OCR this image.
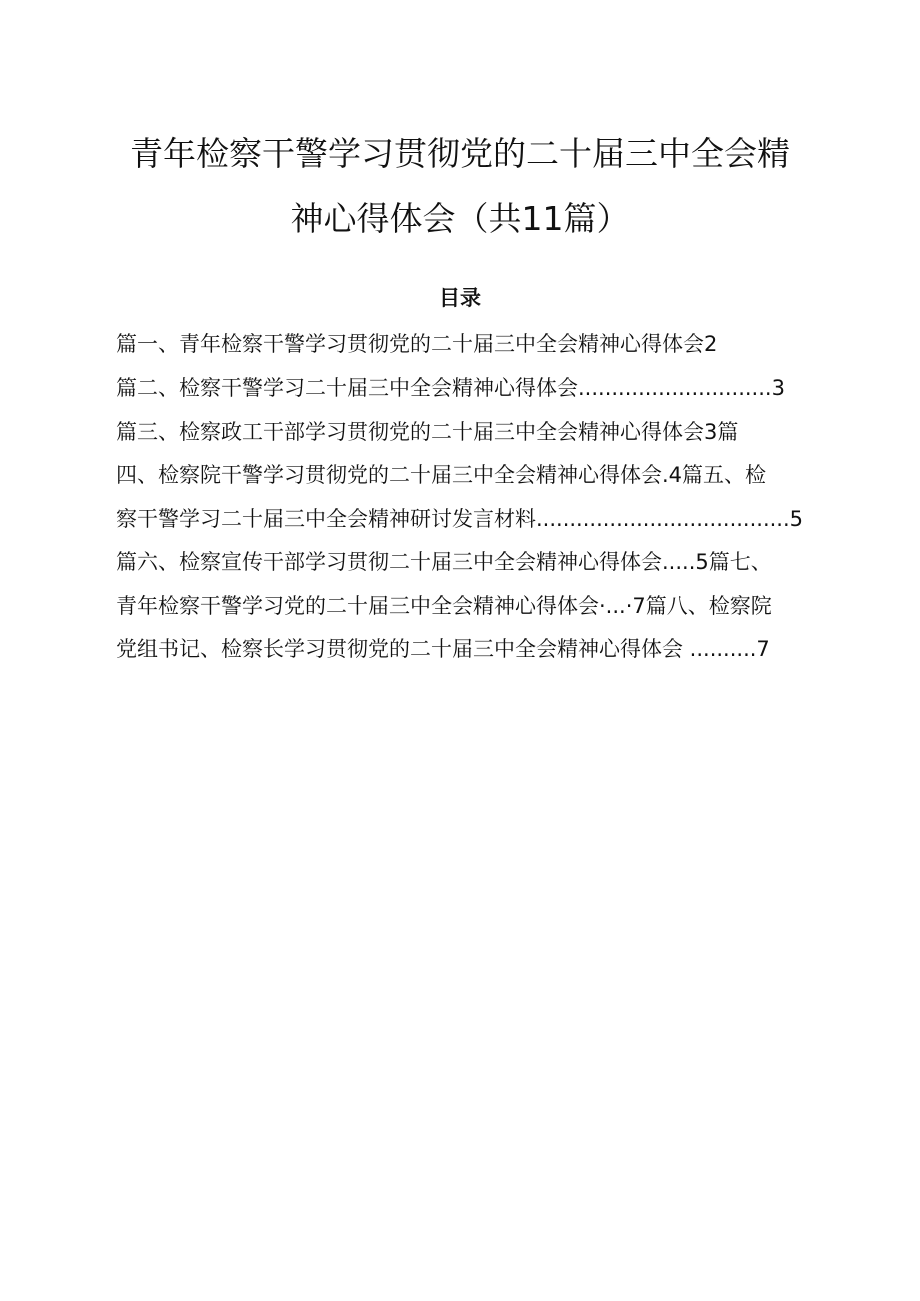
青年检察干警学习贯彻党的二十届三中全会精
神心得体会（共11篇）
目录
篇一、青年检察干警学习贯彻党的二十届三中全会精神心得体会2
篇二、检察干警学习二十届三中全会精神心得体会.............................3
篇三、检察政工干部学习贯彻党的二十届三中全会精神心得体会3篇
四、检察院干警学习贯彻党的二十届三中全会精神心得体会.4篇五、检
察干警学习二十届三中全会精神研讨发言材料......................................5
篇六、检察宣传干部学习贯彻二十届三中全会精神心得体会.....5篇七、
青年检察干警学习党的二十届三中全会精神心得体会·...·7篇八、检察院
党组书记、检察长学习贯彻党的二十届三中全会精神心得体会 ..........7
